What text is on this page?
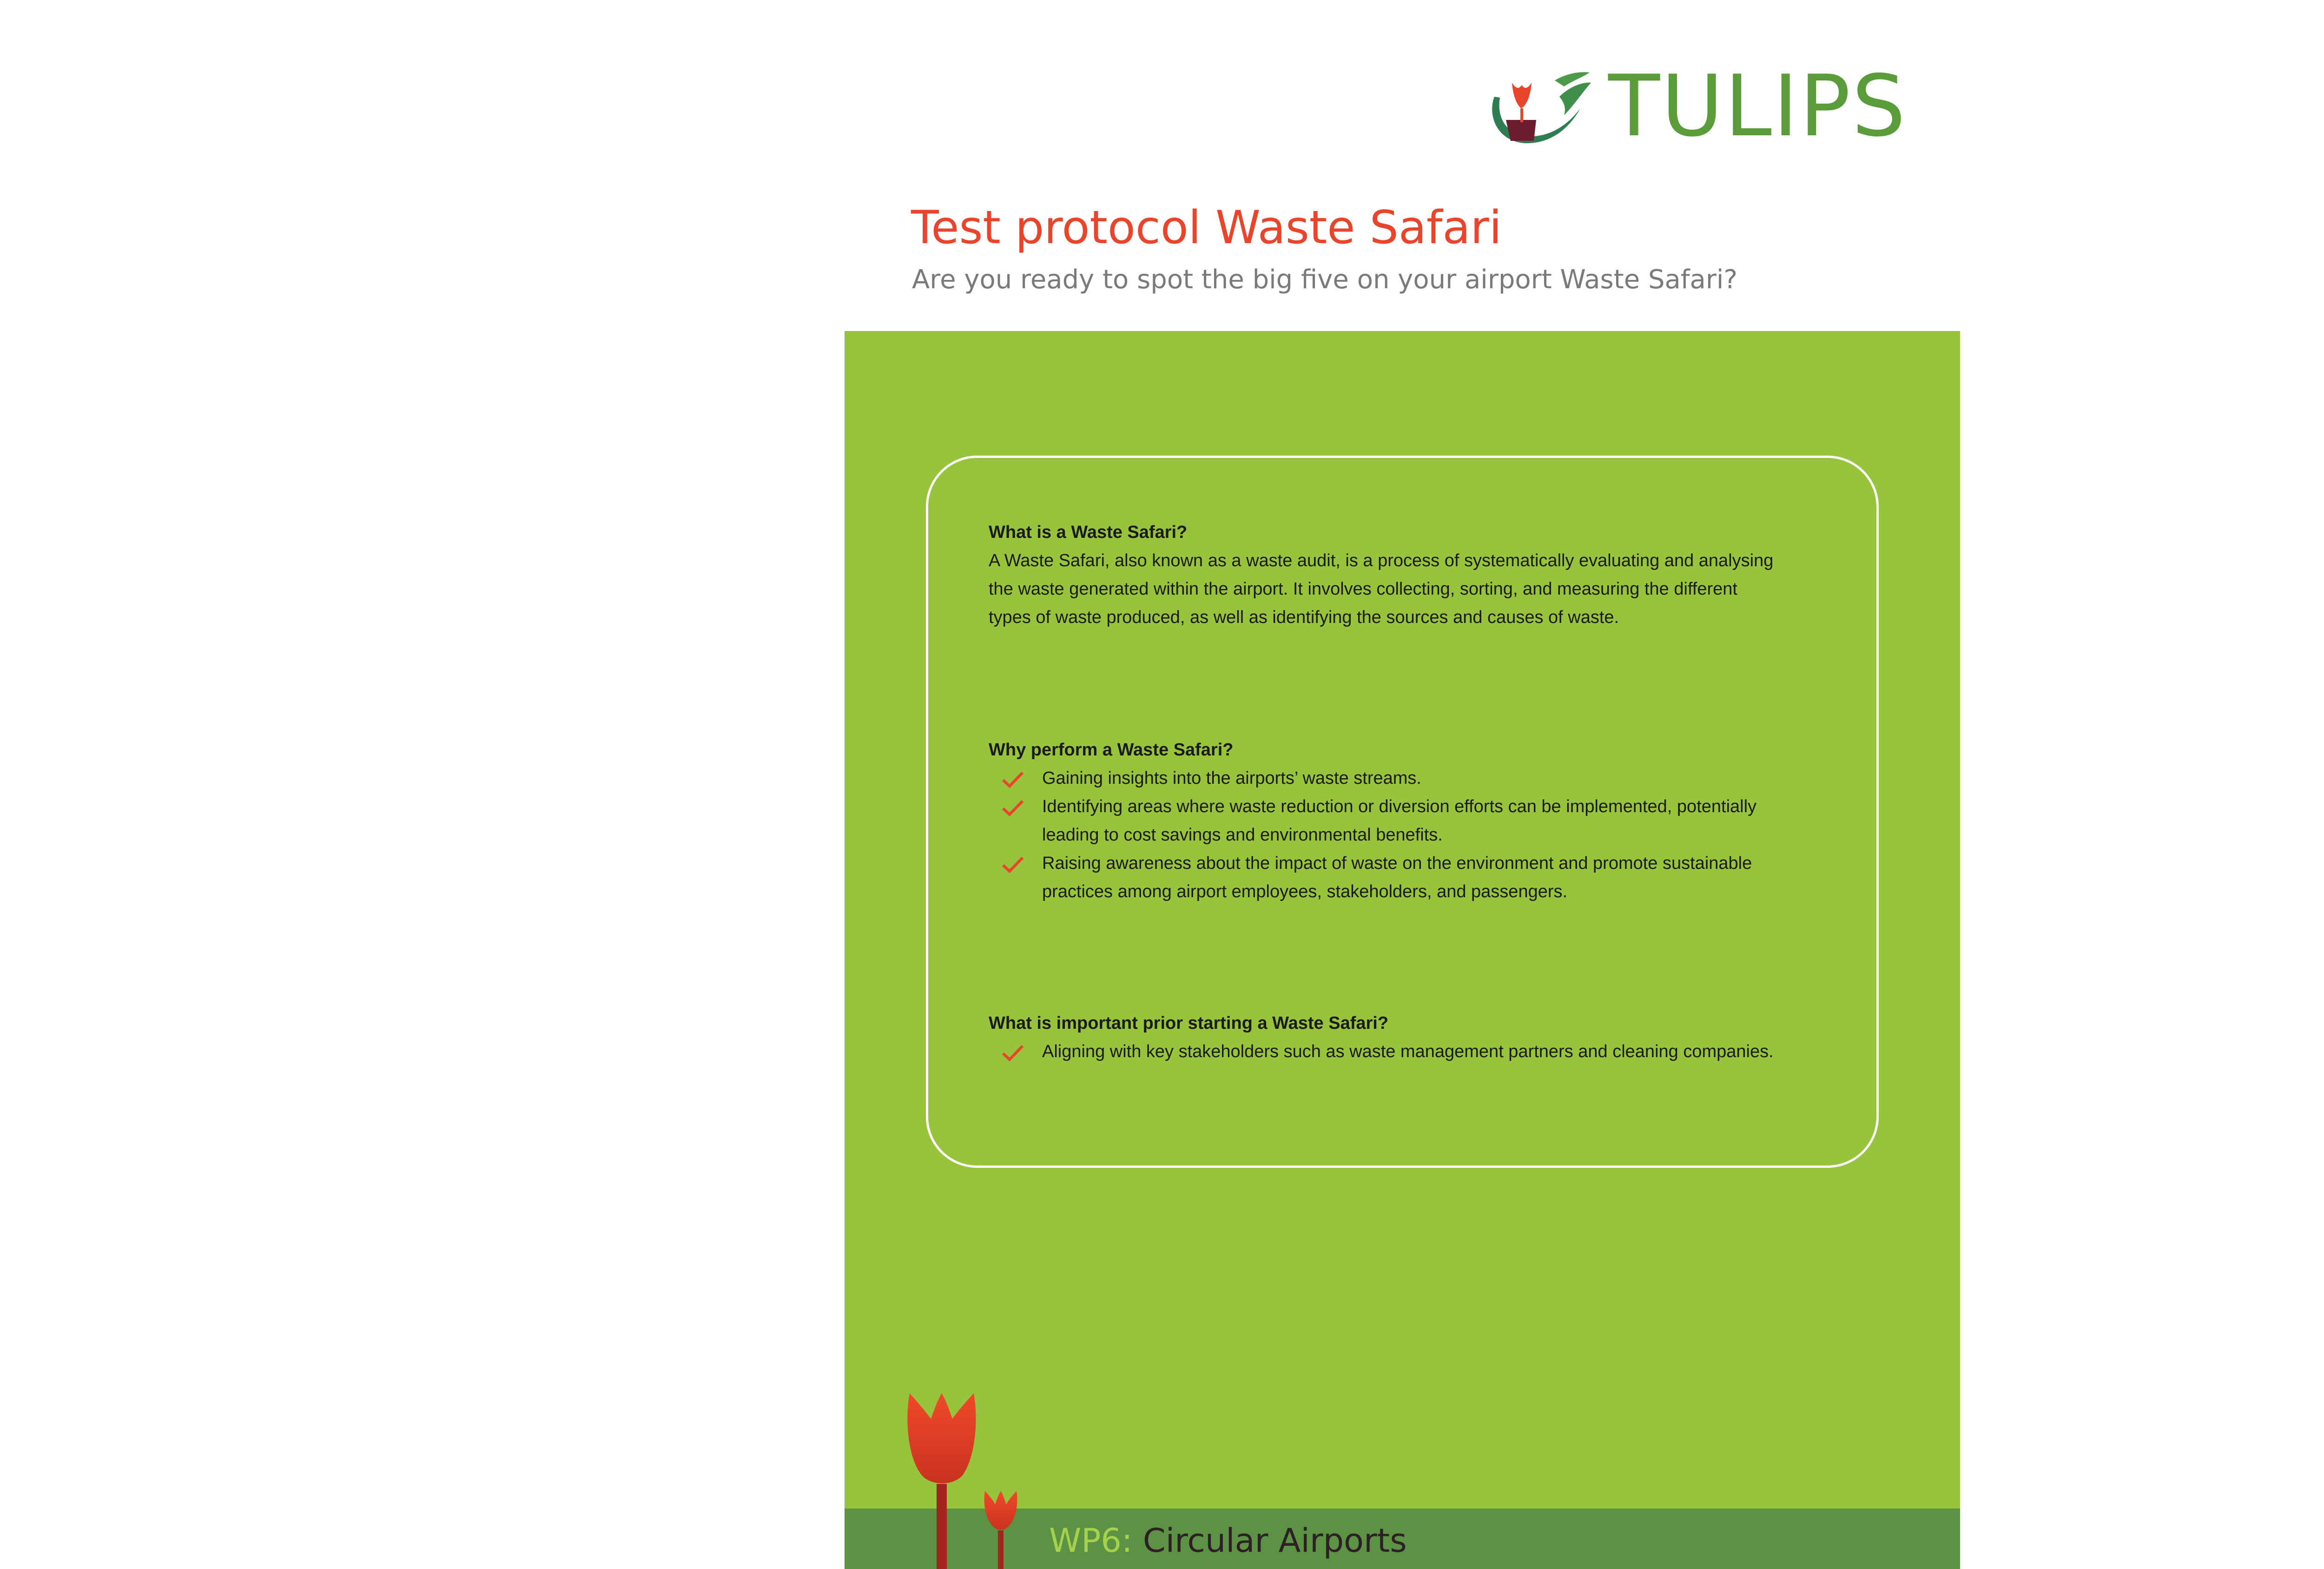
TULIPS
Test protocol Waste Safari
Are you ready to spot the big five on your airport Waste Safari?

What is a Waste Safari?

A Waste Safari, also known as a waste audit, is a process of systematically evaluating and analysing

the waste generated within the airport. It involves collecting, sorting, and measuring the different

types of waste produced, as well as identifying the sources and causes of waste.

Why perform a Waste Safari?

Gaining insights into the airports’ waste streams.
Identifying areas where waste reduction or diversion efforts can be implemented, potentially
leading to cost savings and environmental benefits.
Raising awareness about the impact of waste on the environment and promote sustainable
practices among airport employees, stakeholders, and passengers.

What is important prior starting a Waste Safari?

Aligning with key stakeholders such as waste management partners and cleaning companies.
WP6: Circular Airports
